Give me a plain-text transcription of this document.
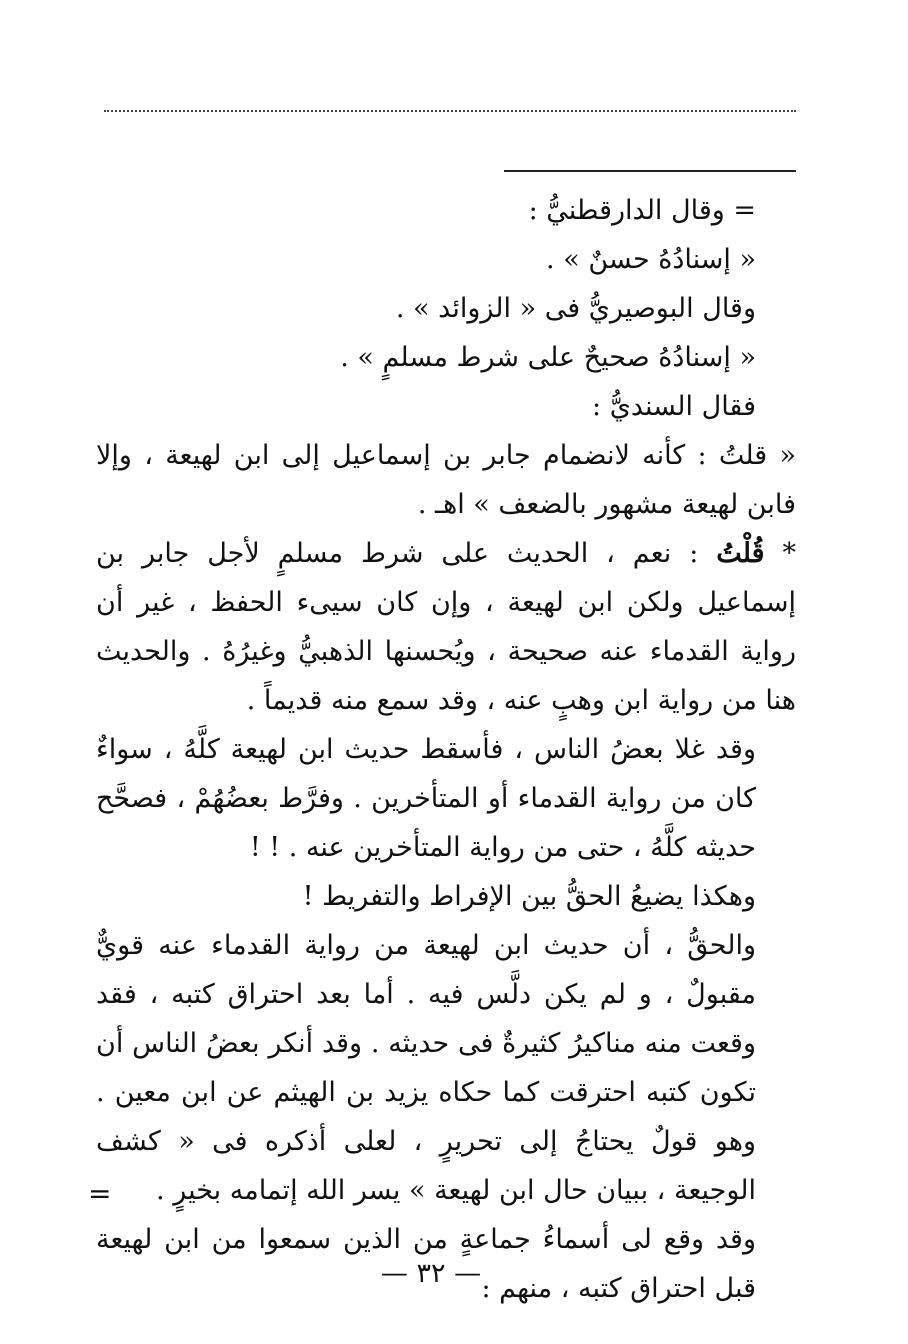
= وقال الدارقطنيُّ :

« إسنادُهُ حسنٌ » .

وقال البوصيريُّ فى « الزوائد » .

« إسنادُهُ صحيحٌ على شرط مسلمٍ » .

فقال السنديُّ :

« قلتُ : كأنه لانضمام جابر بن إسماعيل إلى ابن لهيعة ، وإلا فابن لهيعة مشهور بالضعف » اهـ .

* قُلْتُ : نعم ، الحديث على شرط مسلمٍ لأجل جابر بن إسماعيل ولكن ابن لهيعة ، وإن كان سيىء الحفظ ، غير أن رواية القدماء عنه صحيحة ، ويُحسنها الذهبيُّ وغيرُهُ . والحديث هنا من رواية ابن وهبٍ عنه ، وقد سمع منه قديماً .

وقد غلا بعضُ الناس ، فأسقط حديث ابن لهيعة كلَّهُ ، سواءٌ كان من رواية القدماء أو المتأخرين . وفرَّط بعضُهُمْ ، فصحَّح حديثه كلَّهُ ، حتى من رواية المتأخرين عنه . ! !

وهكذا يضيعُ الحقُّ بين الإفراط والتفريط !

والحقُّ ، أن حديث ابن لهيعة من رواية القدماء عنه قويٌّ مقبولٌ ، و لم يكن دلَّس فيه . أما بعد احتراق كتبه ، فقد وقعت منه مناكيرُ كثيرةٌ فى حديثه . وقد أنكر بعضُ الناس أن تكون كتبه احترقت كما حكاه يزيد بن الهيثم عن ابن معين . وهو قولٌ يحتاجُ إلى تحريرٍ ، لعلى أذكره فى « كشف الوجيعة ، ببيان حال ابن لهيعة » يسر الله إتمامه بخيرٍ .

وقد وقع لى أسماءُ جماعةٍ من الذين سمعوا من ابن لهيعة قبل احتراق كتبه ، منهم :

=
— ٣٢ —
